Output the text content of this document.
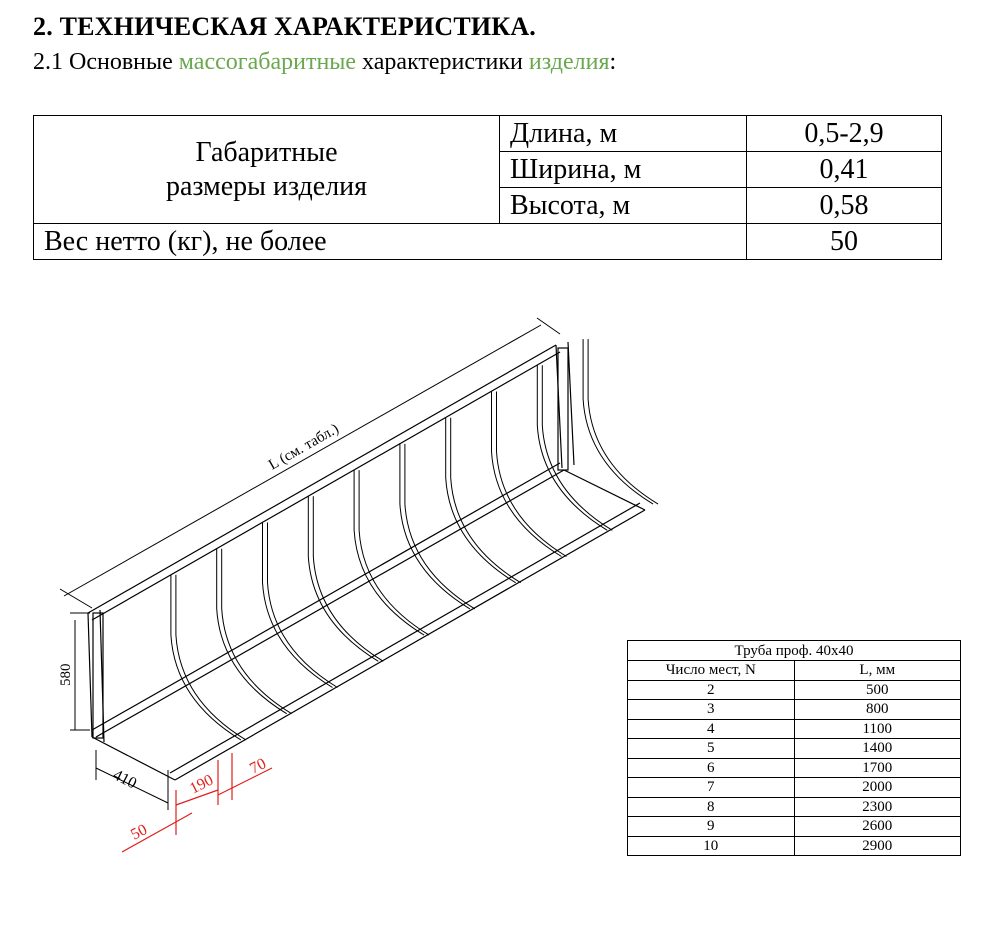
2. ТЕХНИЧЕСКАЯ ХАРАКТЕРИСТИКА.
2.1 Основные массогабаритные характеристики изделия:
Габаритные
размеры изделия	Длина, м	0,5-2,9
	Ширина, м	0,41
	Высота, м	0,58
Вес нетто (кг), не более		50
L (см. табл.)
580
410	190
70
50
Труба проф. 40х40	
Число мест, N	L, мм
2	500
3	800
4	1100
5	1400
6	1700
7	2000
8	2300
9	2600
10	2900
